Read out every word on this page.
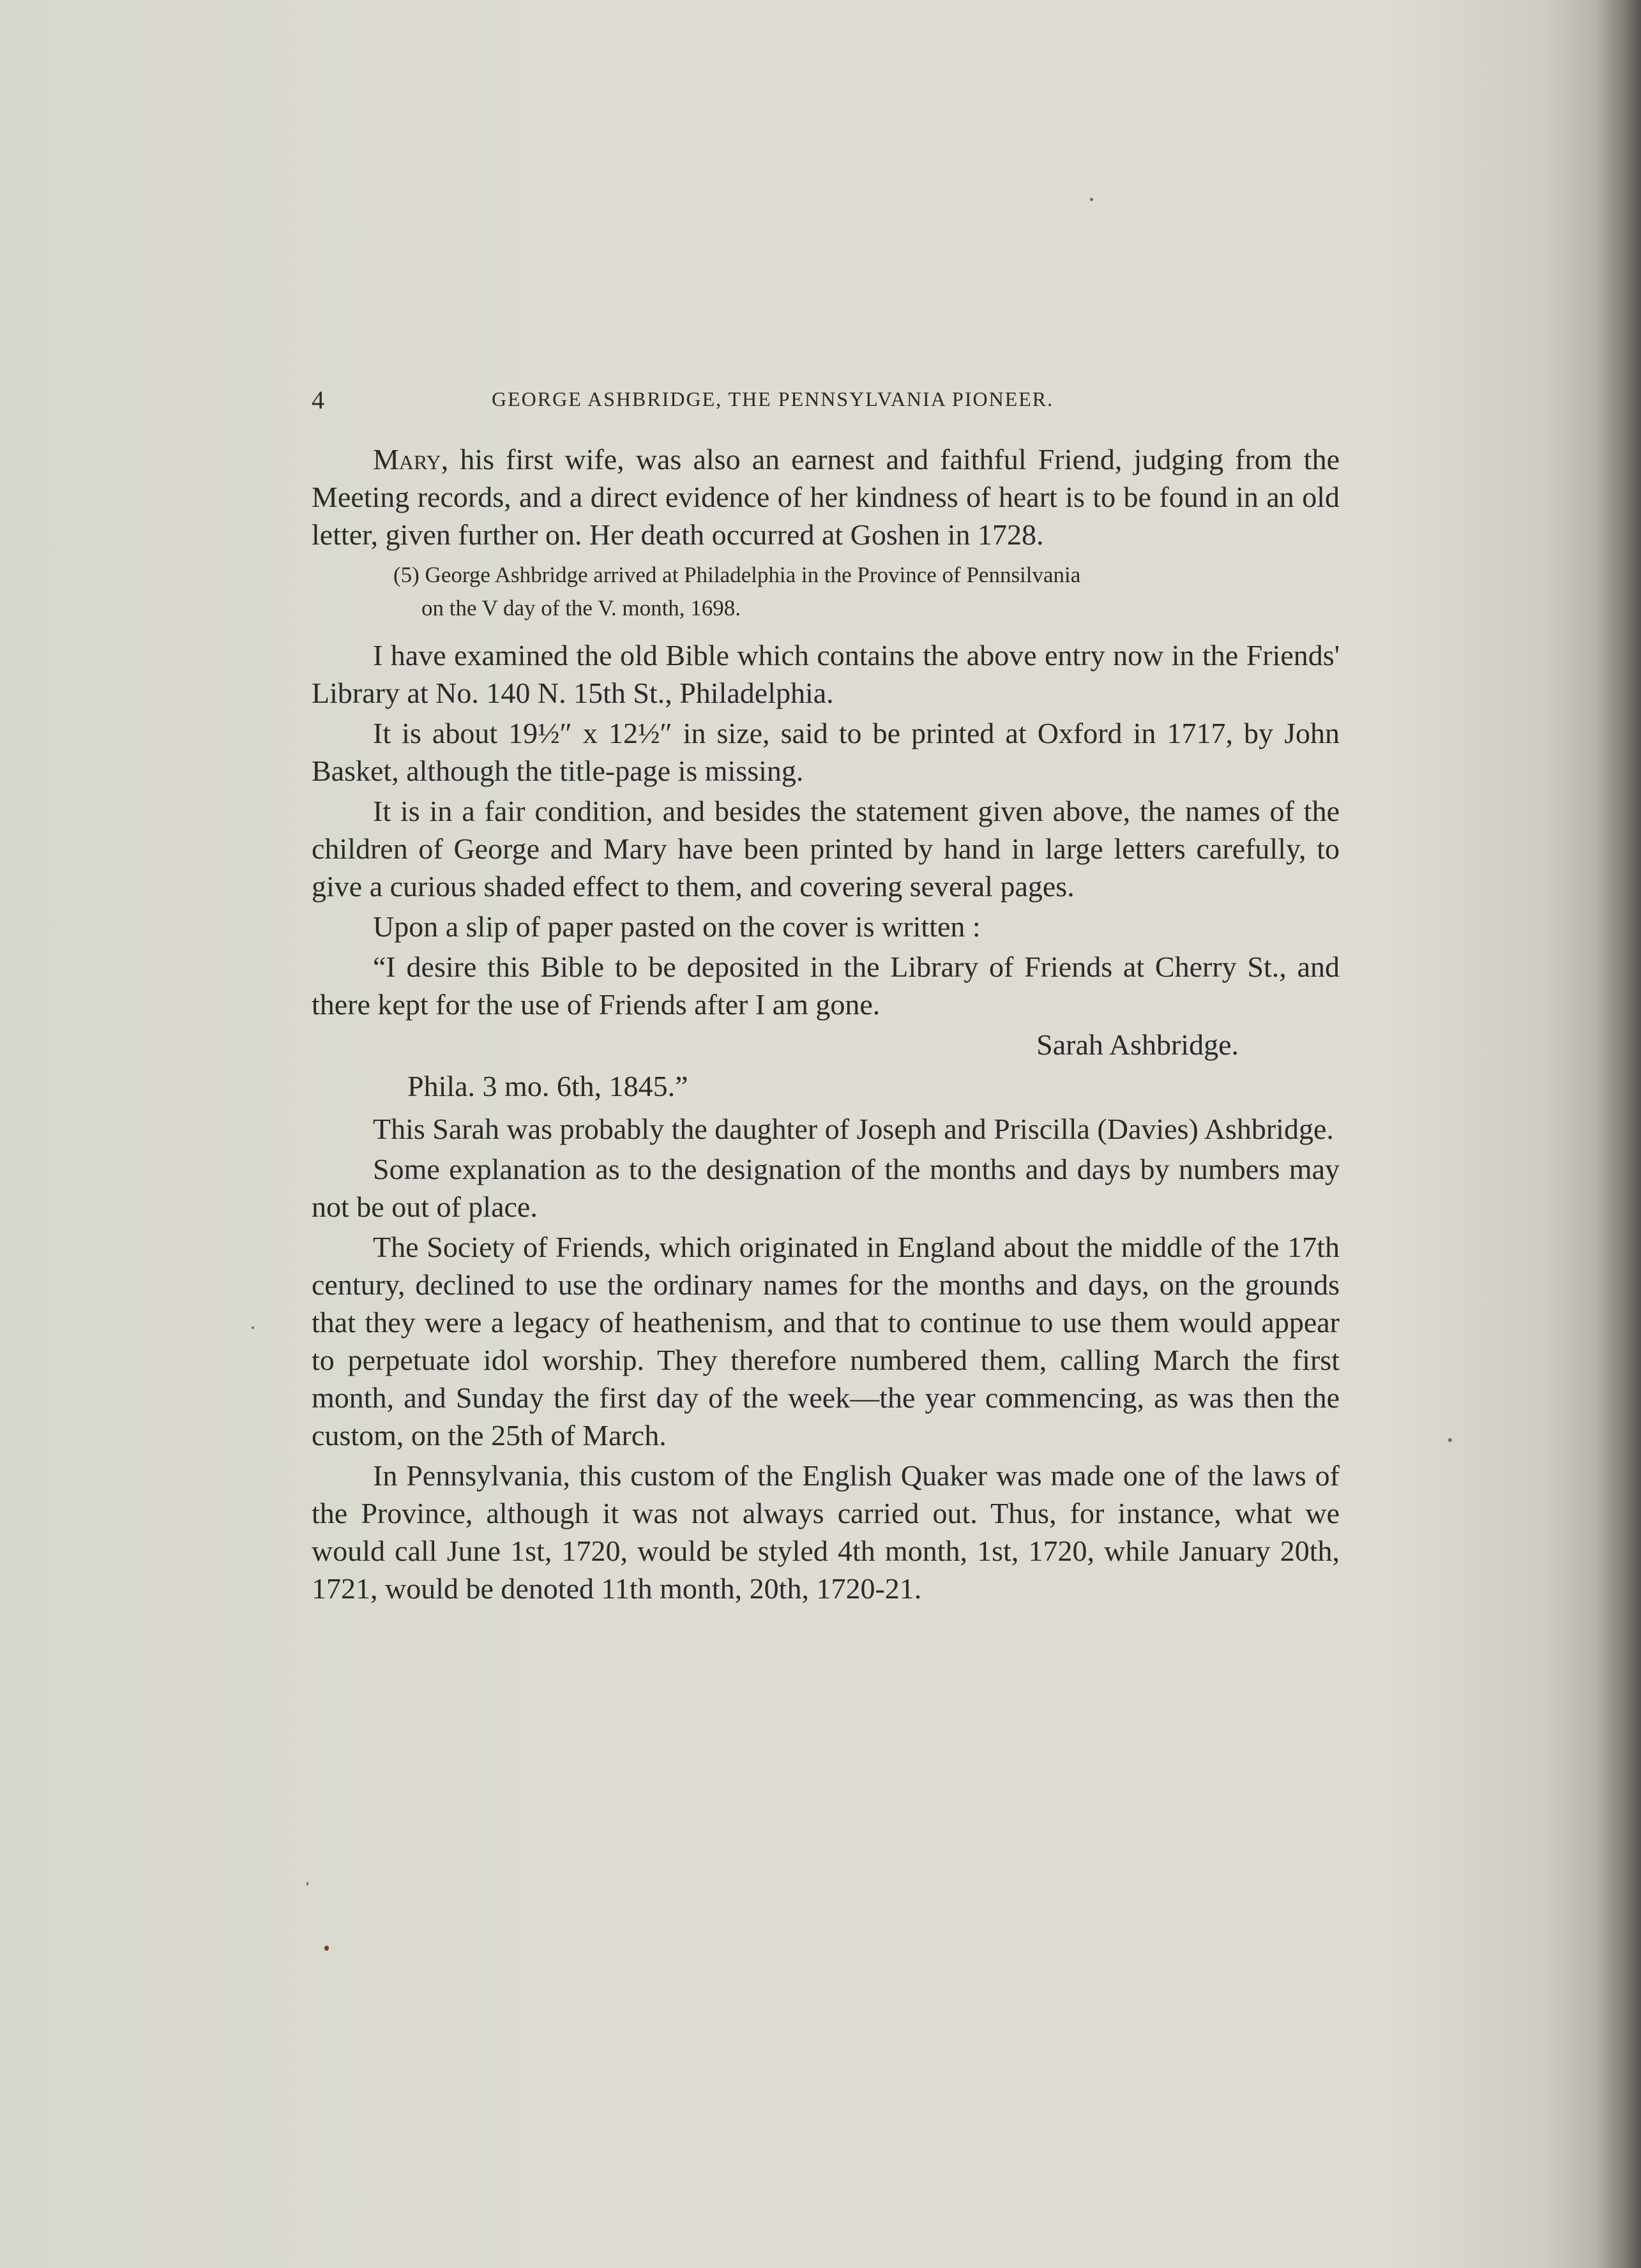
4	GEORGE ASHBRIDGE, THE PENNSYLVANIA PIONEER.

Mary, his first wife, was also an earnest and faithful Friend, judging from the Meeting records, and a direct evidence of her kindness of heart is to be found in an old letter, given further on. Her death occurred at Goshen in 1728.

(5) George Ashbridge arrived at Philadelphia in the Province of Pennsilvania
on the V day of the V. month, 1698.

I have examined the old Bible which contains the above entry now in the Friends' Library at No. 140 N. 15th St., Philadelphia.

It is about 19½″ x 12½″ in size, said to be printed at Oxford in 1717, by John Basket, although the title-page is missing.

It is in a fair condition, and besides the statement given above, the names of the children of George and Mary have been printed by hand in large letters carefully, to give a curious shaded effect to them, and covering several pages.

Upon a slip of paper pasted on the cover is written :

“I desire this Bible to be deposited in the Library of Friends at Cherry St., and there kept for the use of Friends after I am gone.

Sarah Ashbridge.

Phila. 3 mo. 6th, 1845.”

This Sarah was probably the daughter of Joseph and Priscilla (Davies) Ashbridge.

Some explanation as to the designation of the months and days by numbers may not be out of place.

The Society of Friends, which originated in England about the middle of the 17th century, declined to use the ordinary names for the months and days, on the grounds that they were a legacy of heathenism, and that to continue to use them would appear to perpetuate idol worship. They therefore numbered them, calling March the first month, and Sunday the first day of the week—the year commencing, as was then the custom, on the 25th of March.

In Pennsylvania, this custom of the English Quaker was made one of the laws of the Province, although it was not always carried out. Thus, for instance, what we would call June 1st, 1720, would be styled 4th month, 1st, 1720, while January 20th, 1721, would be denoted 11th month, 20th, 1720-21.
